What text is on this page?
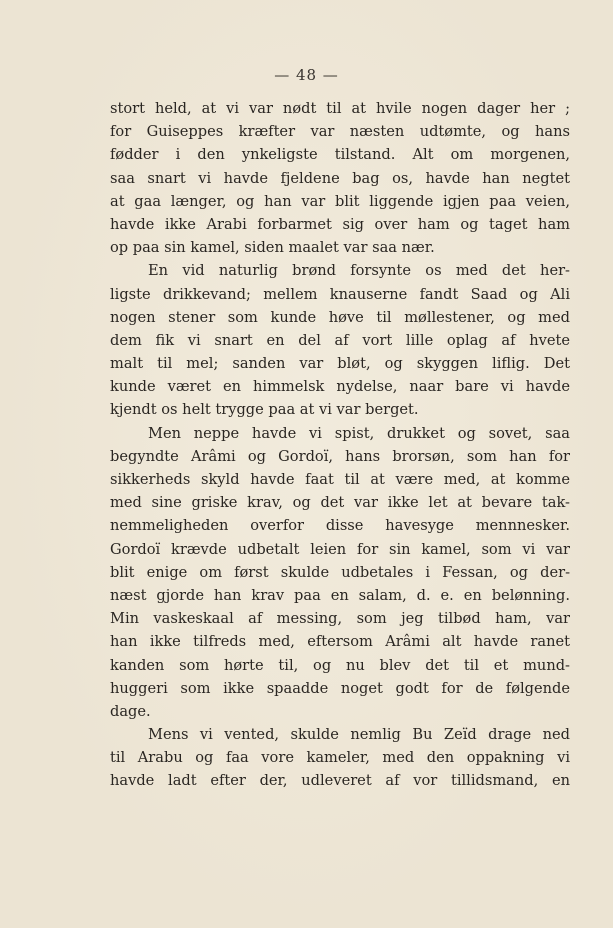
— 48 —
stort held, at vi var nødt til at hvile nogen dager her ;
for Guiseppes kræfter var næsten udtømte, og hans
fødder i den ynkeligste tilstand. Alt om morgenen,
saa snart vi havde fjeldene bag os, havde han negtet
at gaa længer, og han var blit liggende igjen paa veien,
havde ikke Arabi forbarmet sig over ham og taget ham
op paa sin kamel, siden maalet var saa nær.
En vid naturlig brønd forsynte os med det her-
ligste drikkevand; mellem knauserne fandt Saad og Ali
nogen stener som kunde høve til møllestener, og med
dem fik vi snart en del af vort lille oplag af hvete
malt til mel; sanden var bløt, og skyggen liflig. Det
kunde været en himmelsk nydelse, naar bare vi havde
kjendt os helt trygge paa at vi var berget.
Men neppe havde vi spist, drukket og sovet, saa
begyndte Arâmi og Gordoï, hans brorsøn, som han for
sikkerheds skyld havde faat til at være med, at komme
med sine griske krav, og det var ikke let at bevare tak-
nemmeligheden overfor disse havesyge mennnesker.
Gordoï krævde udbetalt leien for sin kamel, som vi var
blit enige om først skulde udbetales i Fessan, og der-
næst gjorde han krav paa en salam, d. e. en belønning.
Min vaskeskaal af messing, som jeg tilbød ham, var
han ikke tilfreds med, eftersom Arâmi alt havde ranet
kanden som hørte til, og nu blev det til et mund-
huggeri som ikke spaadde noget godt for de følgende
dage.
Mens vi vented, skulde nemlig Bu Zeïd drage ned
til Arabu og faa vore kameler, med den oppakning vi
havde ladt efter der, udleveret af vor tillidsmand, en
